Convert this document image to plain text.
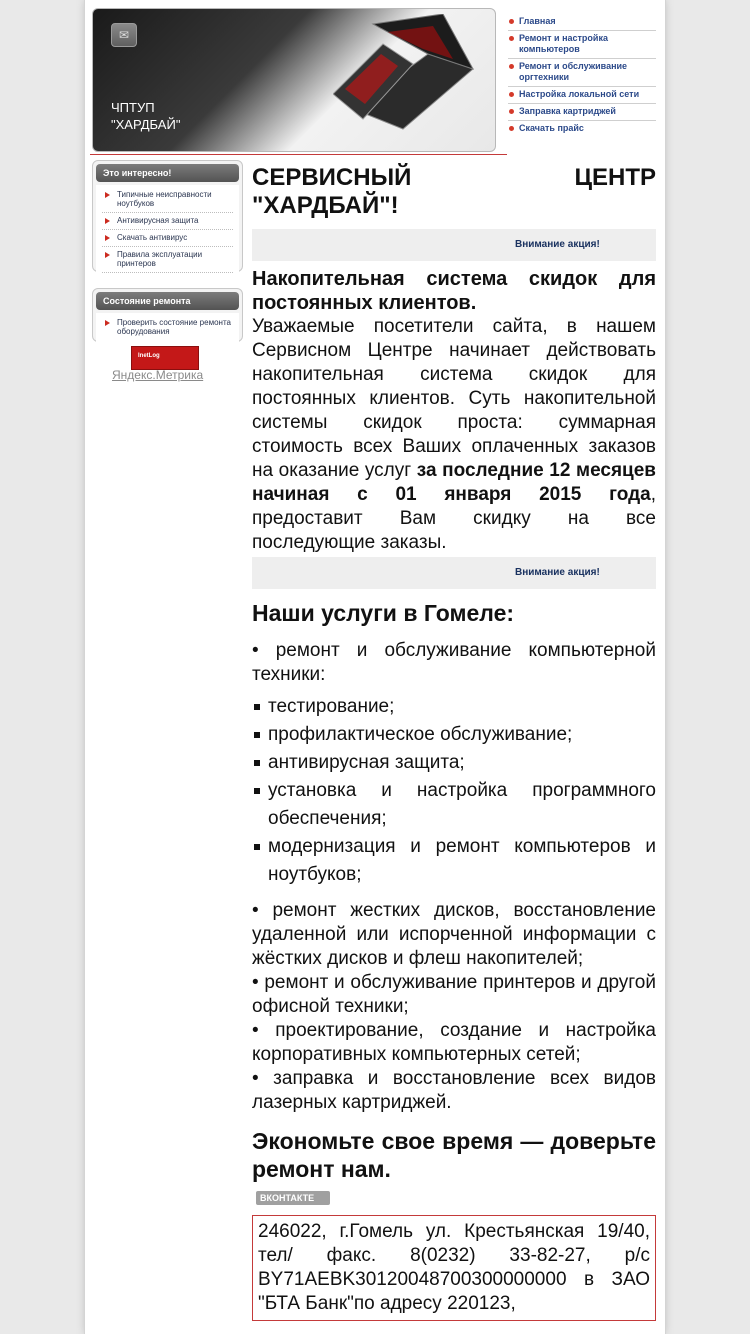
✉
ЧПТУП
"ХАРДБАЙ"
Главная
Ремонт и настройка компьютеров
Ремонт и обслуживание оргтехники
Настройка локальной сети
Заправка картриджей
Скачать прайс
Это интересно!
Типичные неисправности ноутбуков
Антивирусная защита
Скачать антивирус
Правила эксплуатации принтеров
Состояние ремонта
Проверить состояние ремонта оборудования
InetLog
Яндекс.Метрика
СЕРВИСНЫЙ ЦЕНТР
"ХАРДБАЙ"!
Внимание акция!
Накопительная система скидок для постоянных клиентов.
Уважаемые посетители сайта, в нашем Сервисном Центре начинает действовать накопительная система скидок для постоянных клиентов. Суть накопительной системы скидок проста: суммарная стоимость всех Ваших оплаченных заказов на оказание услуг за последние 12 месяцев начиная с 01 января 2015 года, предоставит Вам скидку на все последующие заказы.
Внимание акция!
Наши услуги в Гомеле:
• ремонт и обслуживание компьютерной техники:
тестирование;
профилактическое обслуживание;
антивирусная защита;
установка и настройка программного обеспечения;
модернизация и ремонт компьютеров и ноутбуков;
• ремонт жестких дисков, восстановление удаленной или испорченной информации с жёстких дисков и флеш накопителей;
• ремонт и обслуживание принтеров и другой офисной техники;
• проектирование, создание и настройка корпоративных компьютерных сетей;
• заправка и восстановление всех видов лазерных картриджей.
Экономьте свое время — доверьте ремонт нам.
ВКОНТАКТЕ
246022, г.Гомель ул. Крестьянская 19/40, тел/ факс. 8(0232) 33-82-27, р/с BY71AEBK30120048700300000000 в ЗАО "БТА Банк"по адресу 220123,
